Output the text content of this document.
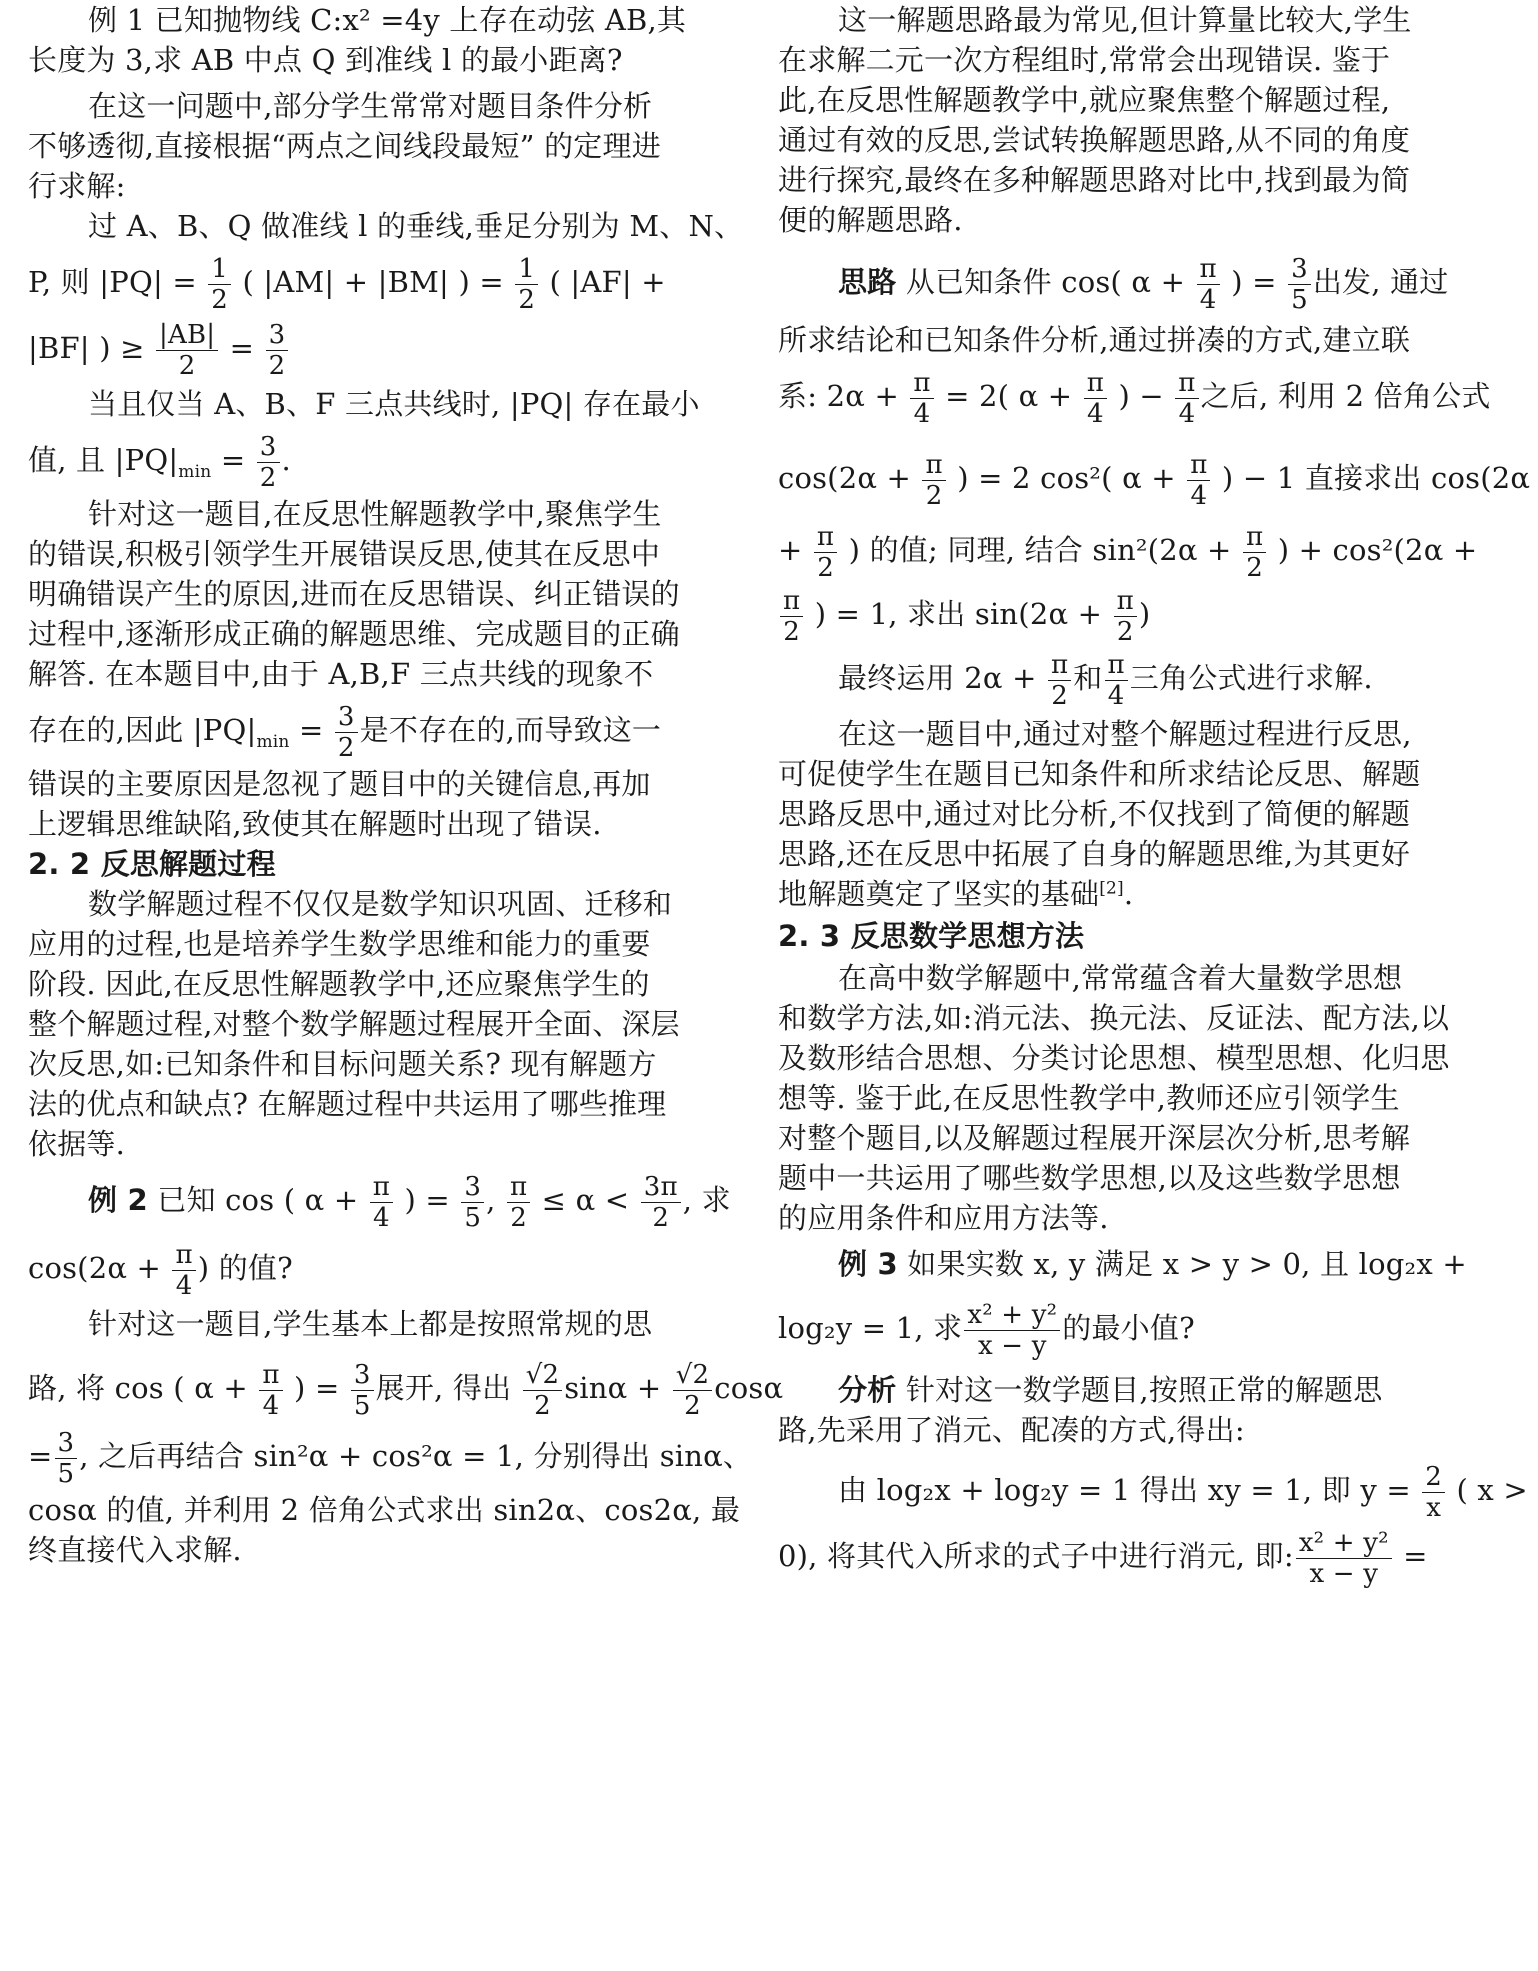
例 1 已知抛物线 C:x² =4y 上存在动弦 AB,其
长度为 3,求 AB 中点 Q 到准线 l 的最小距离?
在这一问题中,部分学生常常对题目条件分析
不够透彻,直接根据“两点之间线段最短” 的定理进
行求解:
过 A、B、Q 做准线 l 的垂线,垂足分别为 M、N、
P, 则 $|PQ| = \frac{1}{2}$ ( |AM| + |BM| ) = $\frac{1}{2}$ ( |AF| +
|BF| ) ≥ $\frac{|AB|}{2} = \frac{3}{2}$
当且仅当 A、B、F 三点共线时, |PQ| 存在最小
值, 且 $|PQ|_{min} = \frac{3}{2}$ .
针对这一题目,在反思性解题教学中,聚焦学生
的错误,积极引领学生开展错误反思,使其在反思中
明确错误产生的原因,进而在反思错误、纠正错误的
过程中,逐渐形成正确的解题思维、完成题目的正确
解答. 在本题目中,由于 A,B,F 三点共线的现象不
存在的,因此 $|PQ|_{min} = \frac{3}{2}$ 是不存在的,而导致这一
错误的主要原因是忽视了题目中的关键信息,再加
上逻辑思维缺陷,致使其在解题时出现了错误.
2. 2 反思解题过程
数学解题过程不仅仅是数学知识巩固、迁移和
应用的过程,也是培养学生数学思维和能力的重要
阶段. 因此,在反思性解题教学中,还应聚焦学生的
整个解题过程,对整个数学解题过程展开全面、深层
次反思,如:已知条件和目标问题关系? 现有解题方
法的优点和缺点? 在解题过程中共运用了哪些推理
依据等.
例 2 已知 cos ( $\alpha + \frac{\pi}{4}$ ) = $\frac{3}{5}$ , $\frac{\pi}{2} \le \alpha < \frac{3\pi}{2}$ , 求
$\cos(2\alpha + \frac{\pi}{4}$ ) 的值?
针对这一题目,学生基本上都是按照常规的思
路, 将 cos ( $\alpha + \frac{\pi}{4}$ ) = $\frac{3}{5}$ 展开, 得出 $\frac{√2}{2}$ $\sin\alpha + \frac{√2}{2}$ cosα
= $\frac{3}{5}$ , 之后再结合 sin²α + cos²α = 1, 分别得出 sinα、
cosα 的值, 并利用 2 倍角公式求出 sin2α、cos2α, 最
终直接代入求解.
这一解题思路最为常见,但计算量比较大,学生
在求解二元一次方程组时,常常会出现错误. 鉴于
此,在反思性解题教学中,就应聚焦整个解题过程,
通过有效的反思,尝试转换解题思路,从不同的角度
进行探究,最终在多种解题思路对比中,找到最为简
便的解题思路.
思路 从已知条件 cos( $\alpha + \frac{\pi}{4}$ ) = $\frac{3}{5}$ 出发, 通过
所求结论和已知条件分析,通过拼凑的方式,建立联
系: $2\alpha + \frac{\pi}{4} = 2$( $\alpha + \frac{\pi}{4}$ ) − $\frac{\pi}{4}$ 之后, 利用 2 倍角公式
$\cos(2\alpha + \frac{\pi}{2}$ ) = 2 cos²( $\alpha + \frac{\pi}{4}$ ) − 1 直接求出 cos(2α
+ $\frac{\pi}{2}$ ) 的值; 同理, 结合 $\sin^2(2\alpha + \frac{\pi}{2}$ ) + cos²(2α +
$\frac{\pi}{2}$ ) = 1, 求出 $\sin(2\alpha + \frac{\pi}{2}$ )
最终运用 $2\alpha + \frac{\pi}{2}$ 和 $\frac{\pi}{4}$ 三角公式进行求解.
在这一题目中,通过对整个解题过程进行反思,
可促使学生在题目已知条件和所求结论反思、解题
思路反思中,通过对比分析,不仅找到了简便的解题
思路,还在反思中拓展了自身的解题思维,为其更好
地解题奠定了坚实的基础[2].
2. 3 反思数学思想方法
在高中数学解题中,常常蕴含着大量数学思想
和数学方法,如:消元法、换元法、反证法、配方法,以
及数形结合思想、分类讨论思想、模型思想、化归思
想等. 鉴于此,在反思性教学中,教师还应引领学生
对整个题目,以及解题过程展开深层次分析,思考解
题中一共运用了哪些数学思想,以及这些数学思想
的应用条件和应用方法等.
例 3 如果实数 x, y 满足 x > y > 0, 且 log₂x +
log₂y = 1, 求 $\frac{\text{x² + y²}}{x - y}$ 的最小值?
分析 针对这一数学题目,按照正常的解题思
路,先采用了消元、配凑的方式,得出:
由 log₂x + log₂y = 1 得出 xy = 1, 即 $y = \frac{2}{x}$ ( x >
0), 将其代入所求的式子中进行消元, 即: $\frac{\text{x² + y²}}{x - y}$ =
